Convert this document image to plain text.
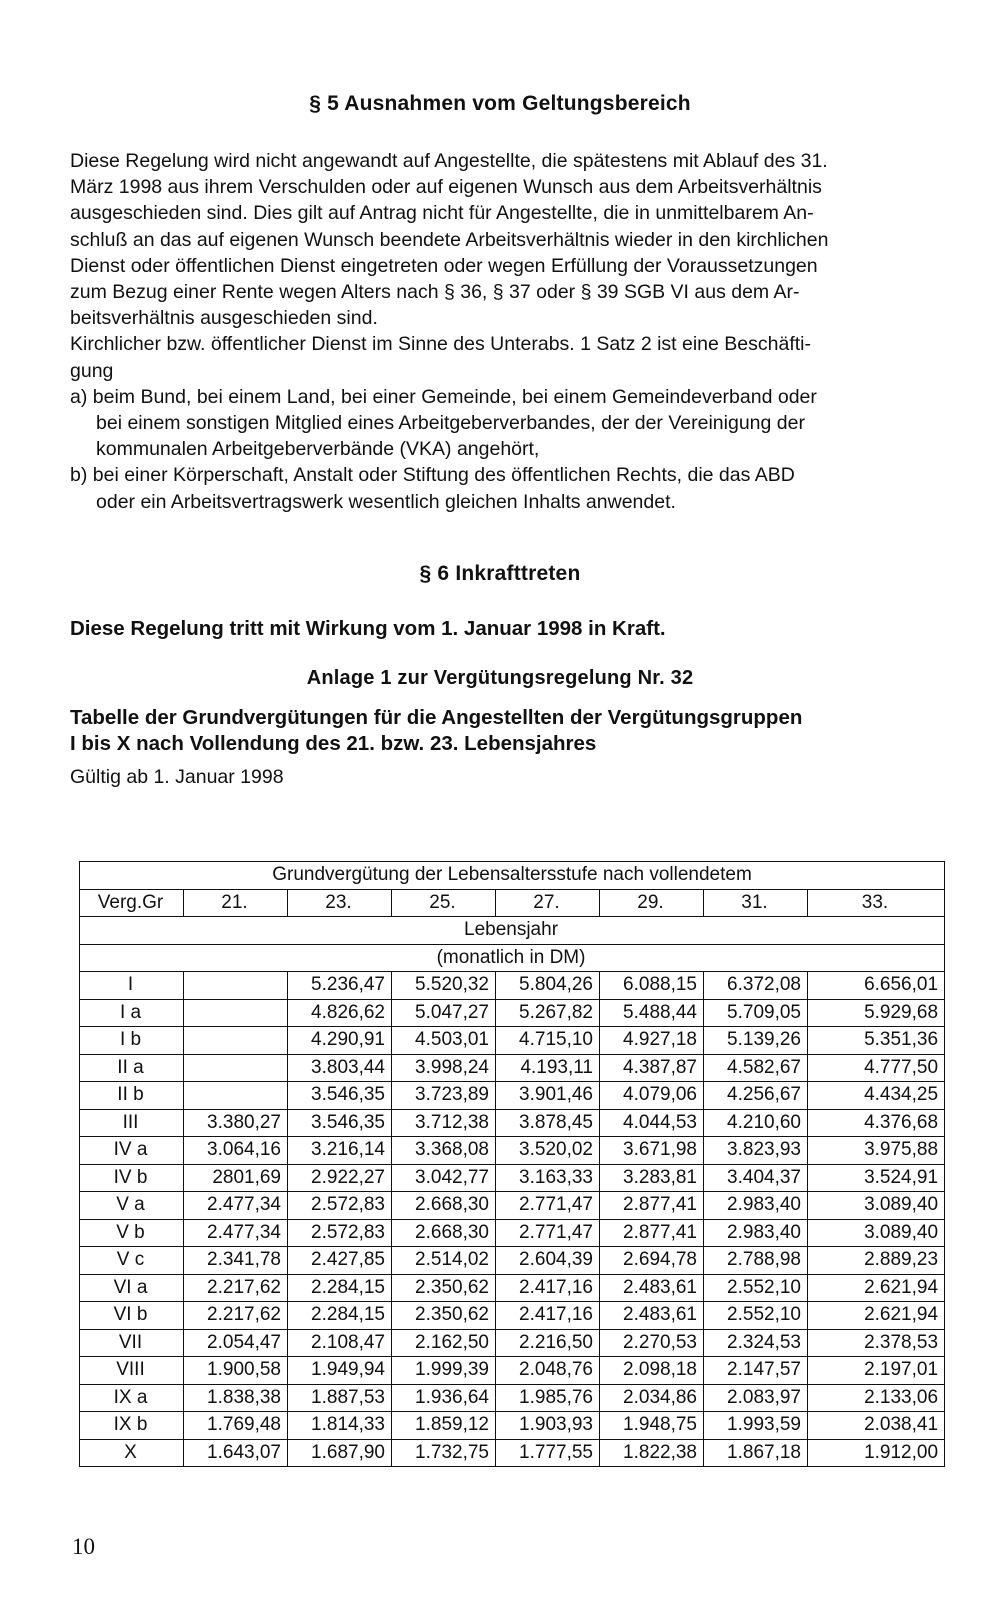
§ 5 Ausnahmen vom Geltungsbereich
Diese Regelung wird nicht angewandt auf Angestellte, die spätestens mit Ablauf des 31.
März 1998 aus ihrem Verschulden oder auf eigenen Wunsch aus dem Arbeitsverhältnis
ausgeschieden sind. Dies gilt auf Antrag nicht für Angestellte, die in unmittelbarem An-
schluß an das auf eigenen Wunsch beendete Arbeitsverhältnis wieder in den kirchlichen
Dienst oder öffentlichen Dienst eingetreten oder wegen Erfüllung der Voraussetzungen
zum Bezug einer Rente wegen Alters nach § 36, § 37 oder § 39 SGB VI aus dem Ar-
beitsverhältnis ausgeschieden sind.
Kirchlicher bzw. öffentlicher Dienst im Sinne des Unterabs. 1 Satz 2 ist eine Beschäfti-
gung
a) beim Bund, bei einem Land, bei einer Gemeinde, bei einem Gemeindeverband oder
bei einem sonstigen Mitglied eines Arbeitgeberverbandes, der der Vereinigung der
kommunalen Arbeitgeberverbände (VKA) angehört,
b) bei einer Körperschaft, Anstalt oder Stiftung des öffentlichen Rechts, die das ABD
oder ein Arbeitsvertragswerk wesentlich gleichen Inhalts anwendet.
§ 6 Inkrafttreten
Diese Regelung tritt mit Wirkung vom 1. Januar 1998 in Kraft.
Anlage 1 zur Vergütungsregelung Nr. 32
Tabelle der Grundvergütungen für die Angestellten der Vergütungsgruppen
I bis X nach Vollendung des 21. bzw. 23. Lebensjahres
Gültig ab 1. Januar 1998
Grundvergütung der Lebensaltersstufe nach vollendetem							
Verg.Gr	21.	23.	25.	27.	29.	31.	33.
Lebensjahr							
(monatlich in DM)							
I		5.236,47	5.520,32	5.804,26	6.088,15	6.372,08	6.656,01
I a		4.826,62	5.047,27	5.267,82	5.488,44	5.709,05	5.929,68
I b		4.290,91	4.503,01	4.715,10	4.927,18	5.139,26	5.351,36
II a		3.803,44	3.998,24	4.193,11	4.387,87	4.582,67	4.777,50
II b		3.546,35	3.723,89	3.901,46	4.079,06	4.256,67	4.434,25
III	3.380,27	3.546,35	3.712,38	3.878,45	4.044,53	4.210,60	4.376,68
IV a	3.064,16	3.216,14	3.368,08	3.520,02	3.671,98	3.823,93	3.975,88
IV b	2801,69	2.922,27	3.042,77	3.163,33	3.283,81	3.404,37	3.524,91
V a	2.477,34	2.572,83	2.668,30	2.771,47	2.877,41	2.983,40	3.089,40
V b	2.477,34	2.572,83	2.668,30	2.771,47	2.877,41	2.983,40	3.089,40
V c	2.341,78	2.427,85	2.514,02	2.604,39	2.694,78	2.788,98	2.889,23
VI a	2.217,62	2.284,15	2.350,62	2.417,16	2.483,61	2.552,10	2.621,94
VI b	2.217,62	2.284,15	2.350,62	2.417,16	2.483,61	2.552,10	2.621,94
VII	2.054,47	2.108,47	2.162,50	2.216,50	2.270,53	2.324,53	2.378,53
VIII	1.900,58	1.949,94	1.999,39	2.048,76	2.098,18	2.147,57	2.197,01
IX a	1.838,38	1.887,53	1.936,64	1.985,76	2.034,86	2.083,97	2.133,06
IX b	1.769,48	1.814,33	1.859,12	1.903,93	1.948,75	1.993,59	2.038,41
X	1.643,07	1.687,90	1.732,75	1.777,55	1.822,38	1.867,18	1.912,00
10
